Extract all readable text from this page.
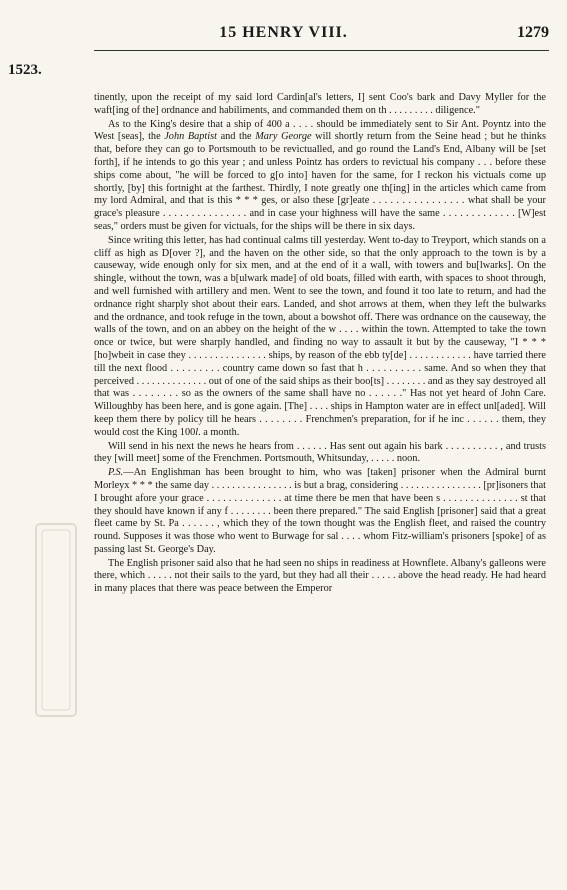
15 HENRY VIII.	1279
1523.

tinently, upon the receipt of my said lord Cardin[al's letters, I] sent Coo's bark and Davy Myller for the waft[ing of the] ordnance and habiliments, and commanded them on th . . . . . . . . . diligence."

As to the King's desire that a ship of 400 a . . . . should be immediately sent to Sir Ant. Poyntz into the West [seas], the John Baptist and the Mary George will shortly return from the Seine head ; but he thinks that, before they can go to Portsmouth to be revictualled, and go round the Land's End, Albany will be [set forth], if he intends to go this year ; and unless Pointz has orders to revictual his company . . . before these ships come about, "he will be forced to g[o into] haven for the same, for I reckon his victuals come up shortly, [by] this fortnight at the farthest. Thirdly, I note greatly one th[ing] in the articles which came from my lord Admiral, and that is this * * * ges, or also these [gr]eate . . . . . . . . . . . . . . . . what shall be your grace's pleasure . . . . . . . . . . . . . . . and in case your highness will have the same . . . . . . . . . . . . . [W]est seas," orders must be given for victuals, for the ships will be there in six days.

Since writing this letter, has had continual calms till yesterday. Went to-day to Treyport, which stands on a cliff as high as D[over ?], and the haven on the other side, so that the only approach to the town is by a causeway, wide enough only for six men, and at the end of it a wall, with towers and bu[lwarks]. On the shingle, without the town, was a b[ulwark made] of old boats, filled with earth, with spaces to shoot through, and well furnished with artillery and men. Went to see the town, and found it too late to return, and had the ordnance right sharply shot about their ears. Landed, and shot arrows at them, when they left the bulwarks and the ordnance, and took refuge in the town, about a bowshot off. There was ordnance on the causeway, the walls of the town, and on an abbey on the height of the w . . . . within the town. Attempted to take the town once or twice, but were sharply handled, and finding no way to assault it but by the causeway, "I * * * [ho]wbeit in case they . . . . . . . . . . . . . . . ships, by reason of the ebb ty[de] . . . . . . . . . . . . have tarried there till the next flood . . . . . . . . . country came down so fast that h . . . . . . . . . . same. And so when they that perceived . . . . . . . . . . . . . . out of one of the said ships as their boo[ts] . . . . . . . . and as they say destroyed all that was . . . . . . . . so as the owners of the same shall have no . . . . . ." Has not yet heard of John Care. Willoughby has been here, and is gone again. [The] . . . . ships in Hampton water are in effect unl[aded]. Will keep them there by policy till he hears . . . . . . . . Frenchmen's preparation, for if he inc . . . . . . them, they would cost the King 100l. a month.

Will send in his next the news he hears from . . . . . . Has sent out again his bark . . . . . . . . . . , and trusts they [will meet] some of the Frenchmen. Portsmouth, Whitsunday, . . . . . noon.

P.S.—An Englishman has been brought to him, who was [taken] prisoner when the Admiral burnt Morleyx * * * the same day . . . . . . . . . . . . . . . . is but a brag, considering . . . . . . . . . . . . . . . . [pr]isoners that I brought afore your grace . . . . . . . . . . . . . . at time there be men that have been s . . . . . . . . . . . . . . st that they should have known if any f . . . . . . . . been there prepared." The said English [prisoner] said that a great fleet came by St. Pa . . . . . . , which they of the town thought was the English fleet, and raised the country round. Supposes it was those who went to Burwage for sal . . . . whom Fitz-william's prisoners [spoke] of as passing last St. George's Day.

The English prisoner said also that he had seen no ships in readiness at Hownflete. Albany's galleons were there, which . . . . . not their sails to the yard, but they had all their . . . . . above the head ready. He had heard in many places that there was peace between the Emperor
